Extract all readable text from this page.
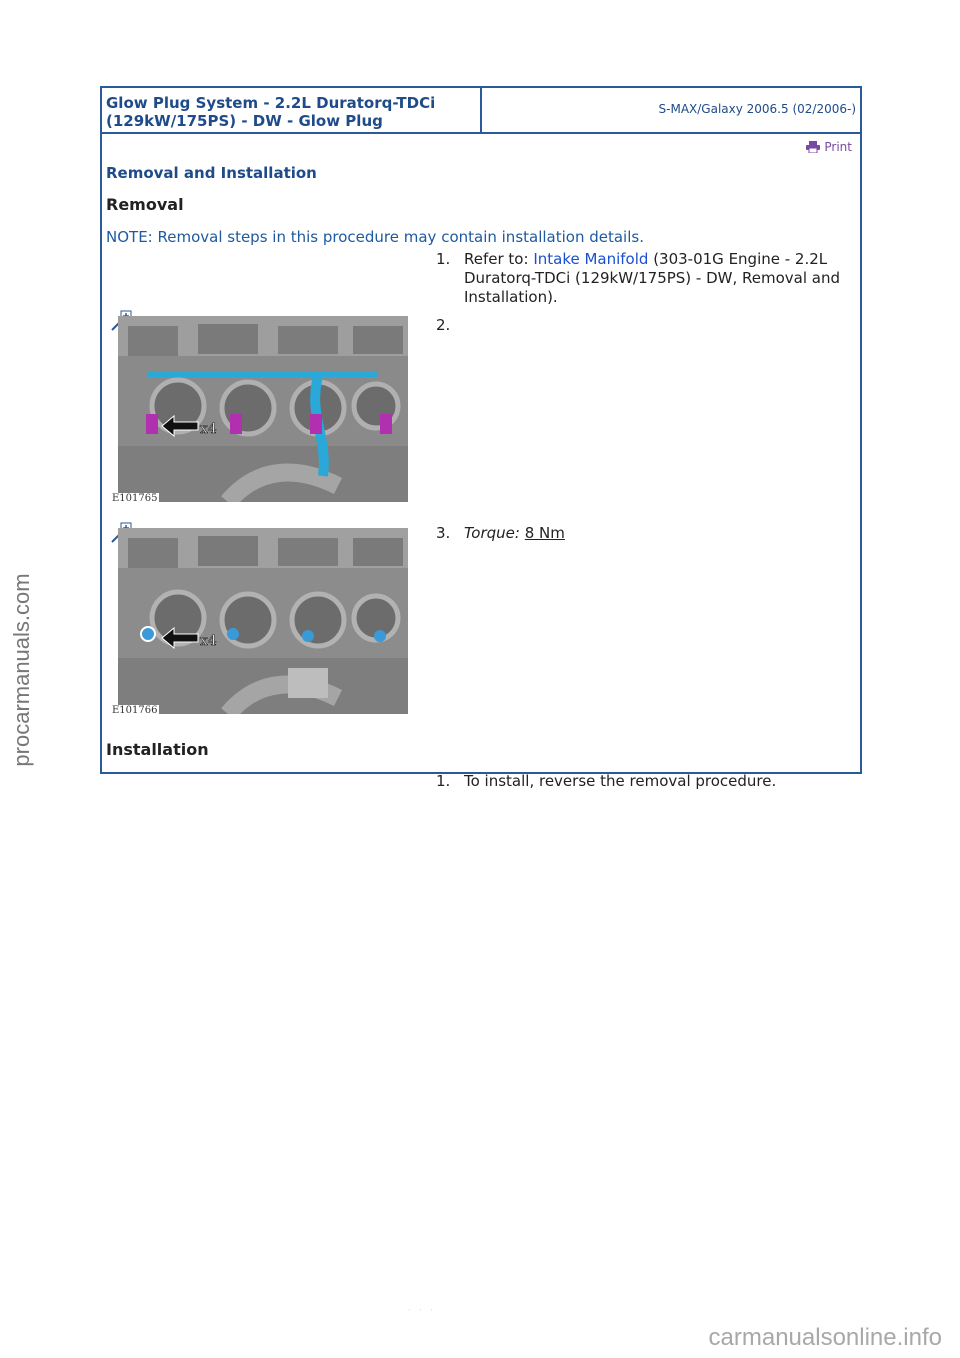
Glow Plug System - 2.2L Duratorq-TDCi (129kW/175PS) - DW - Glow Plug
S-MAX/Galaxy 2006.5 (02/2006-)
Print
Removal and Installation
Removal
NOTE: Removal steps in this procedure may contain installation details.
1. Refer to: Intake Manifold (303-01G Engine - 2.2L Duratorq-TDCi (129kW/175PS) - DW, Removal and Installation).
x4
E101765
2.
x4
E101766
3. Torque: 8 Nm
Installation
1. To install, reverse the removal procedure.
procarmanuals.com
· · ·
carmanualsonline.info
